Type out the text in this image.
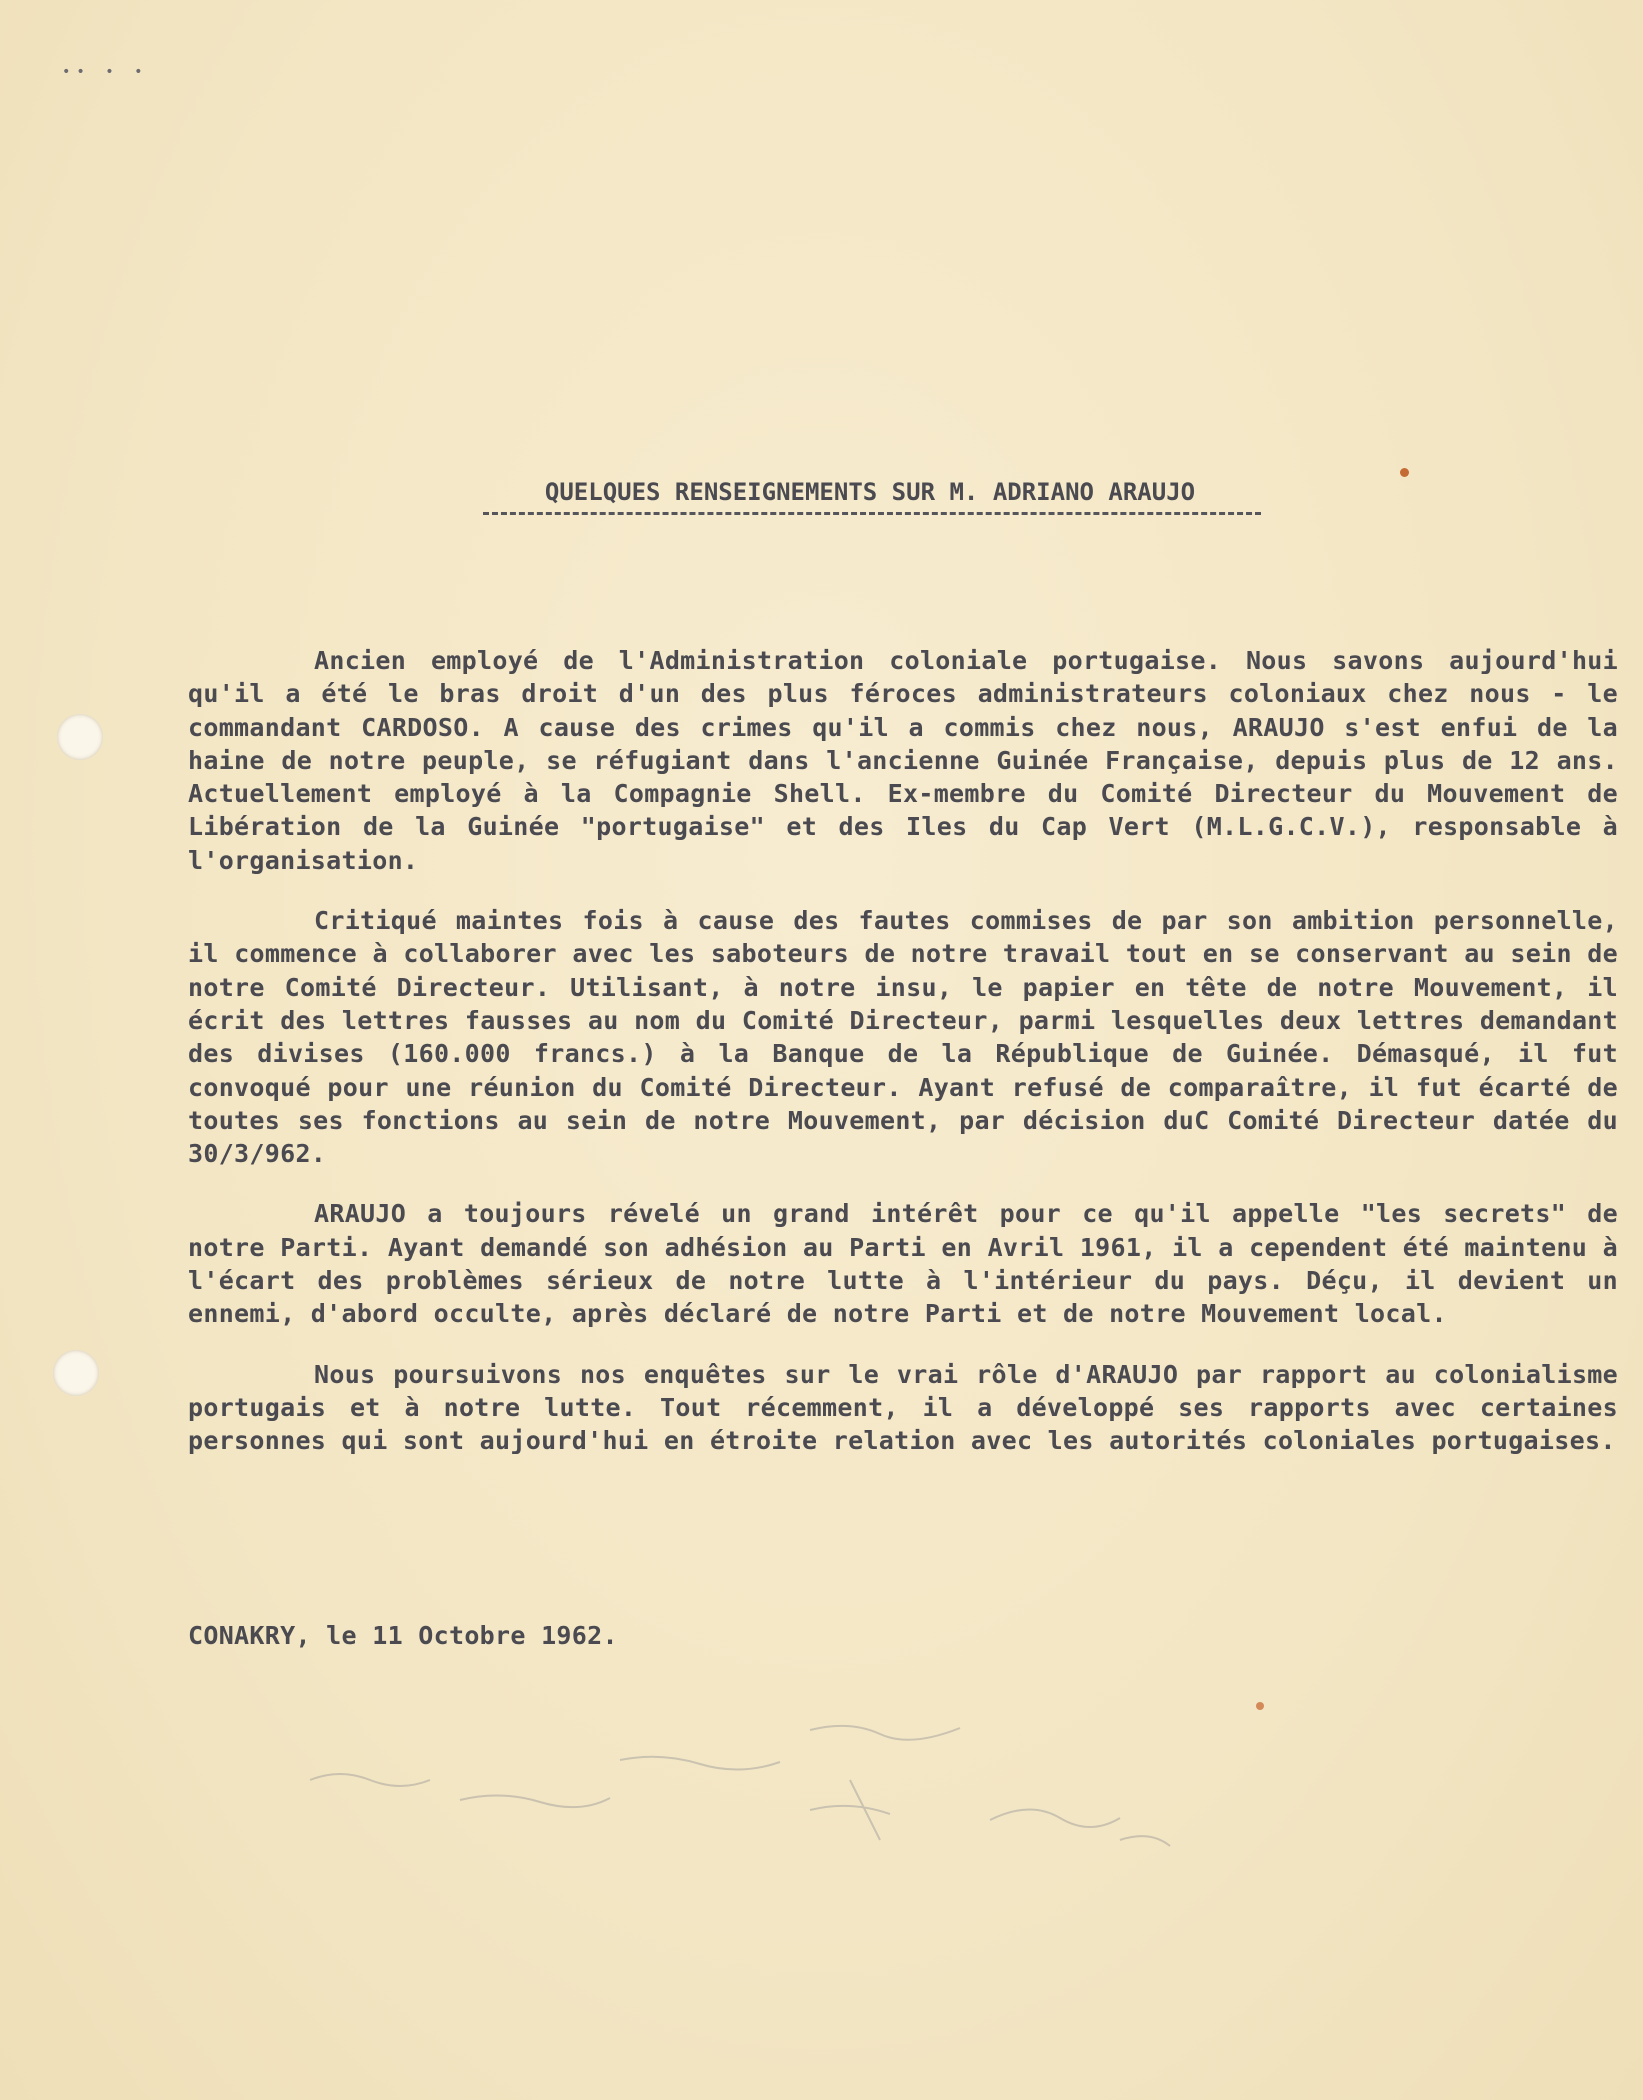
•• • •
QUELQUES RENSEIGNEMENTS SUR M. ADRIANO ARAUJO

Ancien employé de l'Administration coloniale portugaise. Nous savons aujourd'hui qu'il a été le bras droit d'un des plus féroces administrateurs coloniaux chez nous - le commandant CARDOSO. A cause des crimes qu'il a commis chez nous, ARAUJO s'est enfui de la haine de notre peuple, se réfugiant dans l'ancienne Guinée Française, depuis plus de 12 ans. Actuellement employé à la Compagnie Shell. Ex-membre du Comité Directeur du Mouvement de Libération de la Guinée "portugaise" et des Iles du Cap Vert (M.L.G.C.V.), responsable à l'organisation.

Critiqué maintes fois à cause des fautes commises de par son ambition personnelle, il commence à collaborer avec les saboteurs de notre travail tout en se conservant au sein de notre Comité Directeur. Utilisant, à notre insu, le papier en tête de notre Mouvement, il écrit des lettres fausses au nom du Comité Directeur, parmi lesquelles deux lettres demandant des divises (160.000 francs.) à la Banque de la République de Guinée. Démasqué, il fut convoqué pour une réunion du Comité Directeur. Ayant refusé de comparaître, il fut écarté de toutes ses fonctions au sein de notre Mouvement, par décision duC Comité Directeur datée du 30/3/962.

ARAUJO a toujours révelé un grand intérêt pour ce qu'il appelle "les secrets" de notre Parti. Ayant demandé son adhésion au Parti en Avril 1961, il a cependent été maintenu à l'écart des problèmes sérieux de notre lutte à l'intérieur du pays. Déçu, il devient un ennemi, d'abord occulte, après déclaré de notre Parti et de notre Mouvement local.

Nous poursuivons nos enquêtes sur le vrai rôle d'ARAUJO par rapport au colonialisme portugais et à notre lutte. Tout récemment, il a développé ses rapports avec certaines personnes qui sont aujourd'hui en étroite relation avec les autorités coloniales portugaises.

CONAKRY, le 11 Octobre 1962.
